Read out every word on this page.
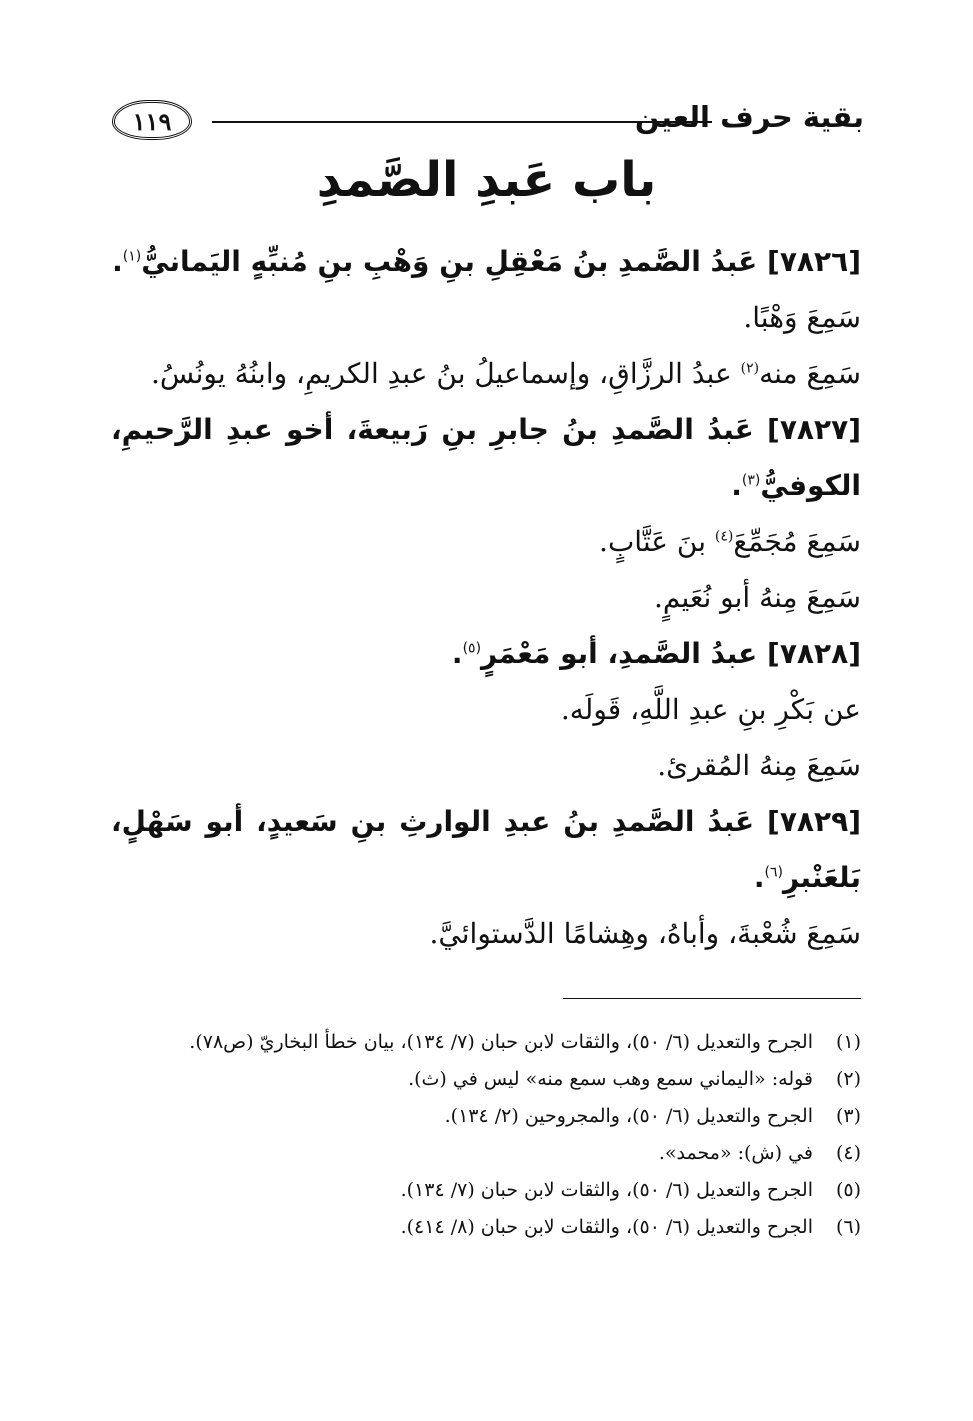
بقية حرف العين
١١٩
باب عَبدِ الصَّمدِ
[٧٨٢٦] عَبدُ الصَّمدِ بنُ مَعْقِلِ بنِ وَهْبِ بنِ مُنبِّهٍ اليَمانيُّ$^{(١)}$.
سَمِعَ وَهْبًا.
سَمِعَ منه$^{(٢)}$ عبدُ الرزَّاقِ، وإسماعيلُ بنُ عبدِ الكريمِ، وابنُهُ يونُسُ.
[٧٨٢٧] عَبدُ الصَّمدِ بنُ جابرِ بنِ رَبيعةَ، أخو عبدِ الرَّحيمِ،
الكوفيُّ$^{(٣)}$.
سَمِعَ مُجَمِّعَ$^{(٤)}$ بنَ عَتَّابٍ.
سَمِعَ مِنهُ أبو نُعَيمٍ.
[٧٨٢٨] عبدُ الصَّمدِ، أبو مَعْمَرٍ$^{(٥)}$.
عن بَكْرِ بنِ عبدِ اللَّهِ، قَولَه.
سَمِعَ مِنهُ المُقرئ.
[٧٨٢٩] عَبدُ الصَّمدِ بنُ عبدِ الوارثِ بنِ سَعيدٍ، أبو سَهْلٍ،
بَلعَنْبرِ$^{(٦)}$.
سَمِعَ شُعْبةَ، وأباهُ، وهِشامًا الدَّستوائيَّ.
(١)الجرح والتعديل (٦/ ٥٠)، والثقات لابن حبان (٧/ ١٣٤)، بيان خطأ البخاريّ (ص٧٨).
(٢)قوله: «اليماني سمع وهب سمع منه» ليس في (ث).
(٣)الجرح والتعديل (٦/ ٥٠)، والمجروحين (٢/ ١٣٤).
(٤)في (ش): «محمد».
(٥)الجرح والتعديل (٦/ ٥٠)، والثقات لابن حبان (٧/ ١٣٤).
(٦)الجرح والتعديل (٦/ ٥٠)، والثقات لابن حبان (٨/ ٤١٤).
